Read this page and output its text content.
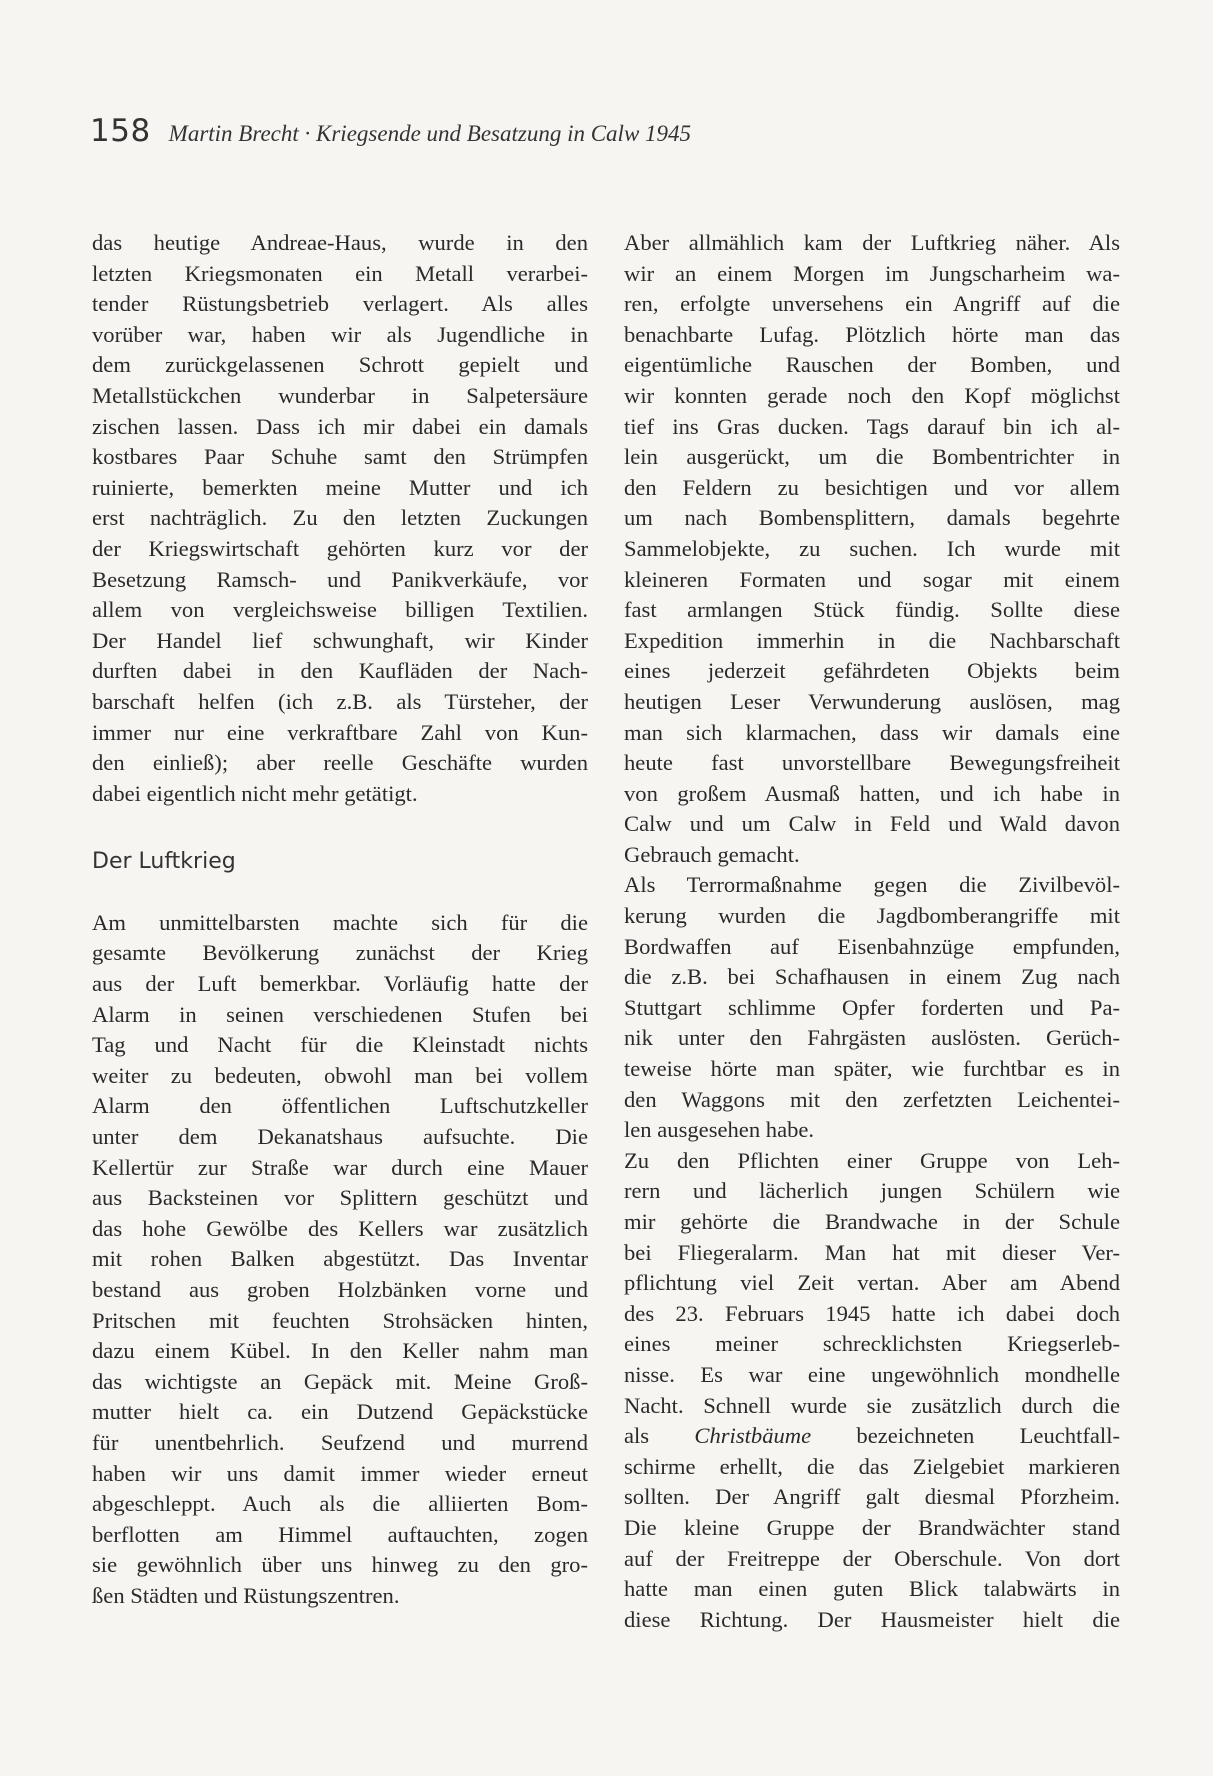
158 Martin Brecht · Kriegsende und Besatzung in Calw 1945
das heutige Andreae-Haus, wurde in den
letzten Kriegsmonaten ein Metall verarbei-
tender Rüstungsbetrieb verlagert. Als alles
vorüber war, haben wir als Jugendliche in
dem zurückgelassenen Schrott gepielt und
Metallstückchen wunderbar in Salpetersäure
zischen lassen. Dass ich mir dabei ein damals
kostbares Paar Schuhe samt den Strümpfen
ruinierte, bemerkten meine Mutter und ich
erst nachträglich. Zu den letzten Zuckungen
der Kriegswirtschaft gehörten kurz vor der
Besetzung Ramsch- und Panikverkäufe, vor
allem von vergleichsweise billigen Textilien.
Der Handel lief schwunghaft, wir Kinder
durften dabei in den Kaufläden der Nach-
barschaft helfen (ich z.B. als Türsteher, der
immer nur eine verkraftbare Zahl von Kun-
den einließ); aber reelle Geschäfte wurden
dabei eigentlich nicht mehr getätigt.
Der Luftkrieg
Am unmittelbarsten machte sich für die
gesamte Bevölkerung zunächst der Krieg
aus der Luft bemerkbar. Vorläufig hatte der
Alarm in seinen verschiedenen Stufen bei
Tag und Nacht für die Kleinstadt nichts
weiter zu bedeuten, obwohl man bei vollem
Alarm den öffentlichen Luftschutzkeller
unter dem Dekanatshaus aufsuchte. Die
Kellertür zur Straße war durch eine Mauer
aus Backsteinen vor Splittern geschützt und
das hohe Gewölbe des Kellers war zusätzlich
mit rohen Balken abgestützt. Das Inventar
bestand aus groben Holzbänken vorne und
Pritschen mit feuchten Strohsäcken hinten,
dazu einem Kübel. In den Keller nahm man
das wichtigste an Gepäck mit. Meine Groß-
mutter hielt ca. ein Dutzend Gepäckstücke
für unentbehrlich. Seufzend und murrend
haben wir uns damit immer wieder erneut
abgeschleppt. Auch als die alliierten Bom-
berflotten am Himmel auftauchten, zogen
sie gewöhnlich über uns hinweg zu den gro-
ßen Städten und Rüstungszentren.
Aber allmählich kam der Luftkrieg näher. Als
wir an einem Morgen im Jungscharheim wa-
ren, erfolgte unversehens ein Angriff auf die
benachbarte Lufag. Plötzlich hörte man das
eigentümliche Rauschen der Bomben, und
wir konnten gerade noch den Kopf möglichst
tief ins Gras ducken. Tags darauf bin ich al-
lein ausgerückt, um die Bombentrichter in
den Feldern zu besichtigen und vor allem
um nach Bombensplittern, damals begehrte
Sammelobjekte, zu suchen. Ich wurde mit
kleineren Formaten und sogar mit einem
fast armlangen Stück fündig. Sollte diese
Expedition immerhin in die Nachbarschaft
eines jederzeit gefährdeten Objekts beim
heutigen Leser Verwunderung auslösen, mag
man sich klarmachen, dass wir damals eine
heute fast unvorstellbare Bewegungsfreiheit
von großem Ausmaß hatten, und ich habe in
Calw und um Calw in Feld und Wald davon
Gebrauch gemacht.
Als Terrormaßnahme gegen die Zivilbevöl-
kerung wurden die Jagdbomberangriffe mit
Bordwaffen auf Eisenbahnzüge empfunden,
die z.B. bei Schafhausen in einem Zug nach
Stuttgart schlimme Opfer forderten und Pa-
nik unter den Fahrgästen auslösten. Gerüch-
teweise hörte man später, wie furchtbar es in
den Waggons mit den zerfetzten Leichentei-
len ausgesehen habe.
Zu den Pflichten einer Gruppe von Leh-
rern und lächerlich jungen Schülern wie
mir gehörte die Brandwache in der Schule
bei Fliegeralarm. Man hat mit dieser Ver-
pflichtung viel Zeit vertan. Aber am Abend
des 23. Februars 1945 hatte ich dabei doch
eines meiner schrecklichsten Kriegserleb-
nisse. Es war eine ungewöhnlich mondhelle
Nacht. Schnell wurde sie zusätzlich durch die
als Christbäume bezeichneten Leuchtfall-
schirme erhellt, die das Zielgebiet markieren
sollten. Der Angriff galt diesmal Pforzheim.
Die kleine Gruppe der Brandwächter stand
auf der Freitreppe der Oberschule. Von dort
hatte man einen guten Blick talabwärts in
diese Richtung. Der Hausmeister hielt die
